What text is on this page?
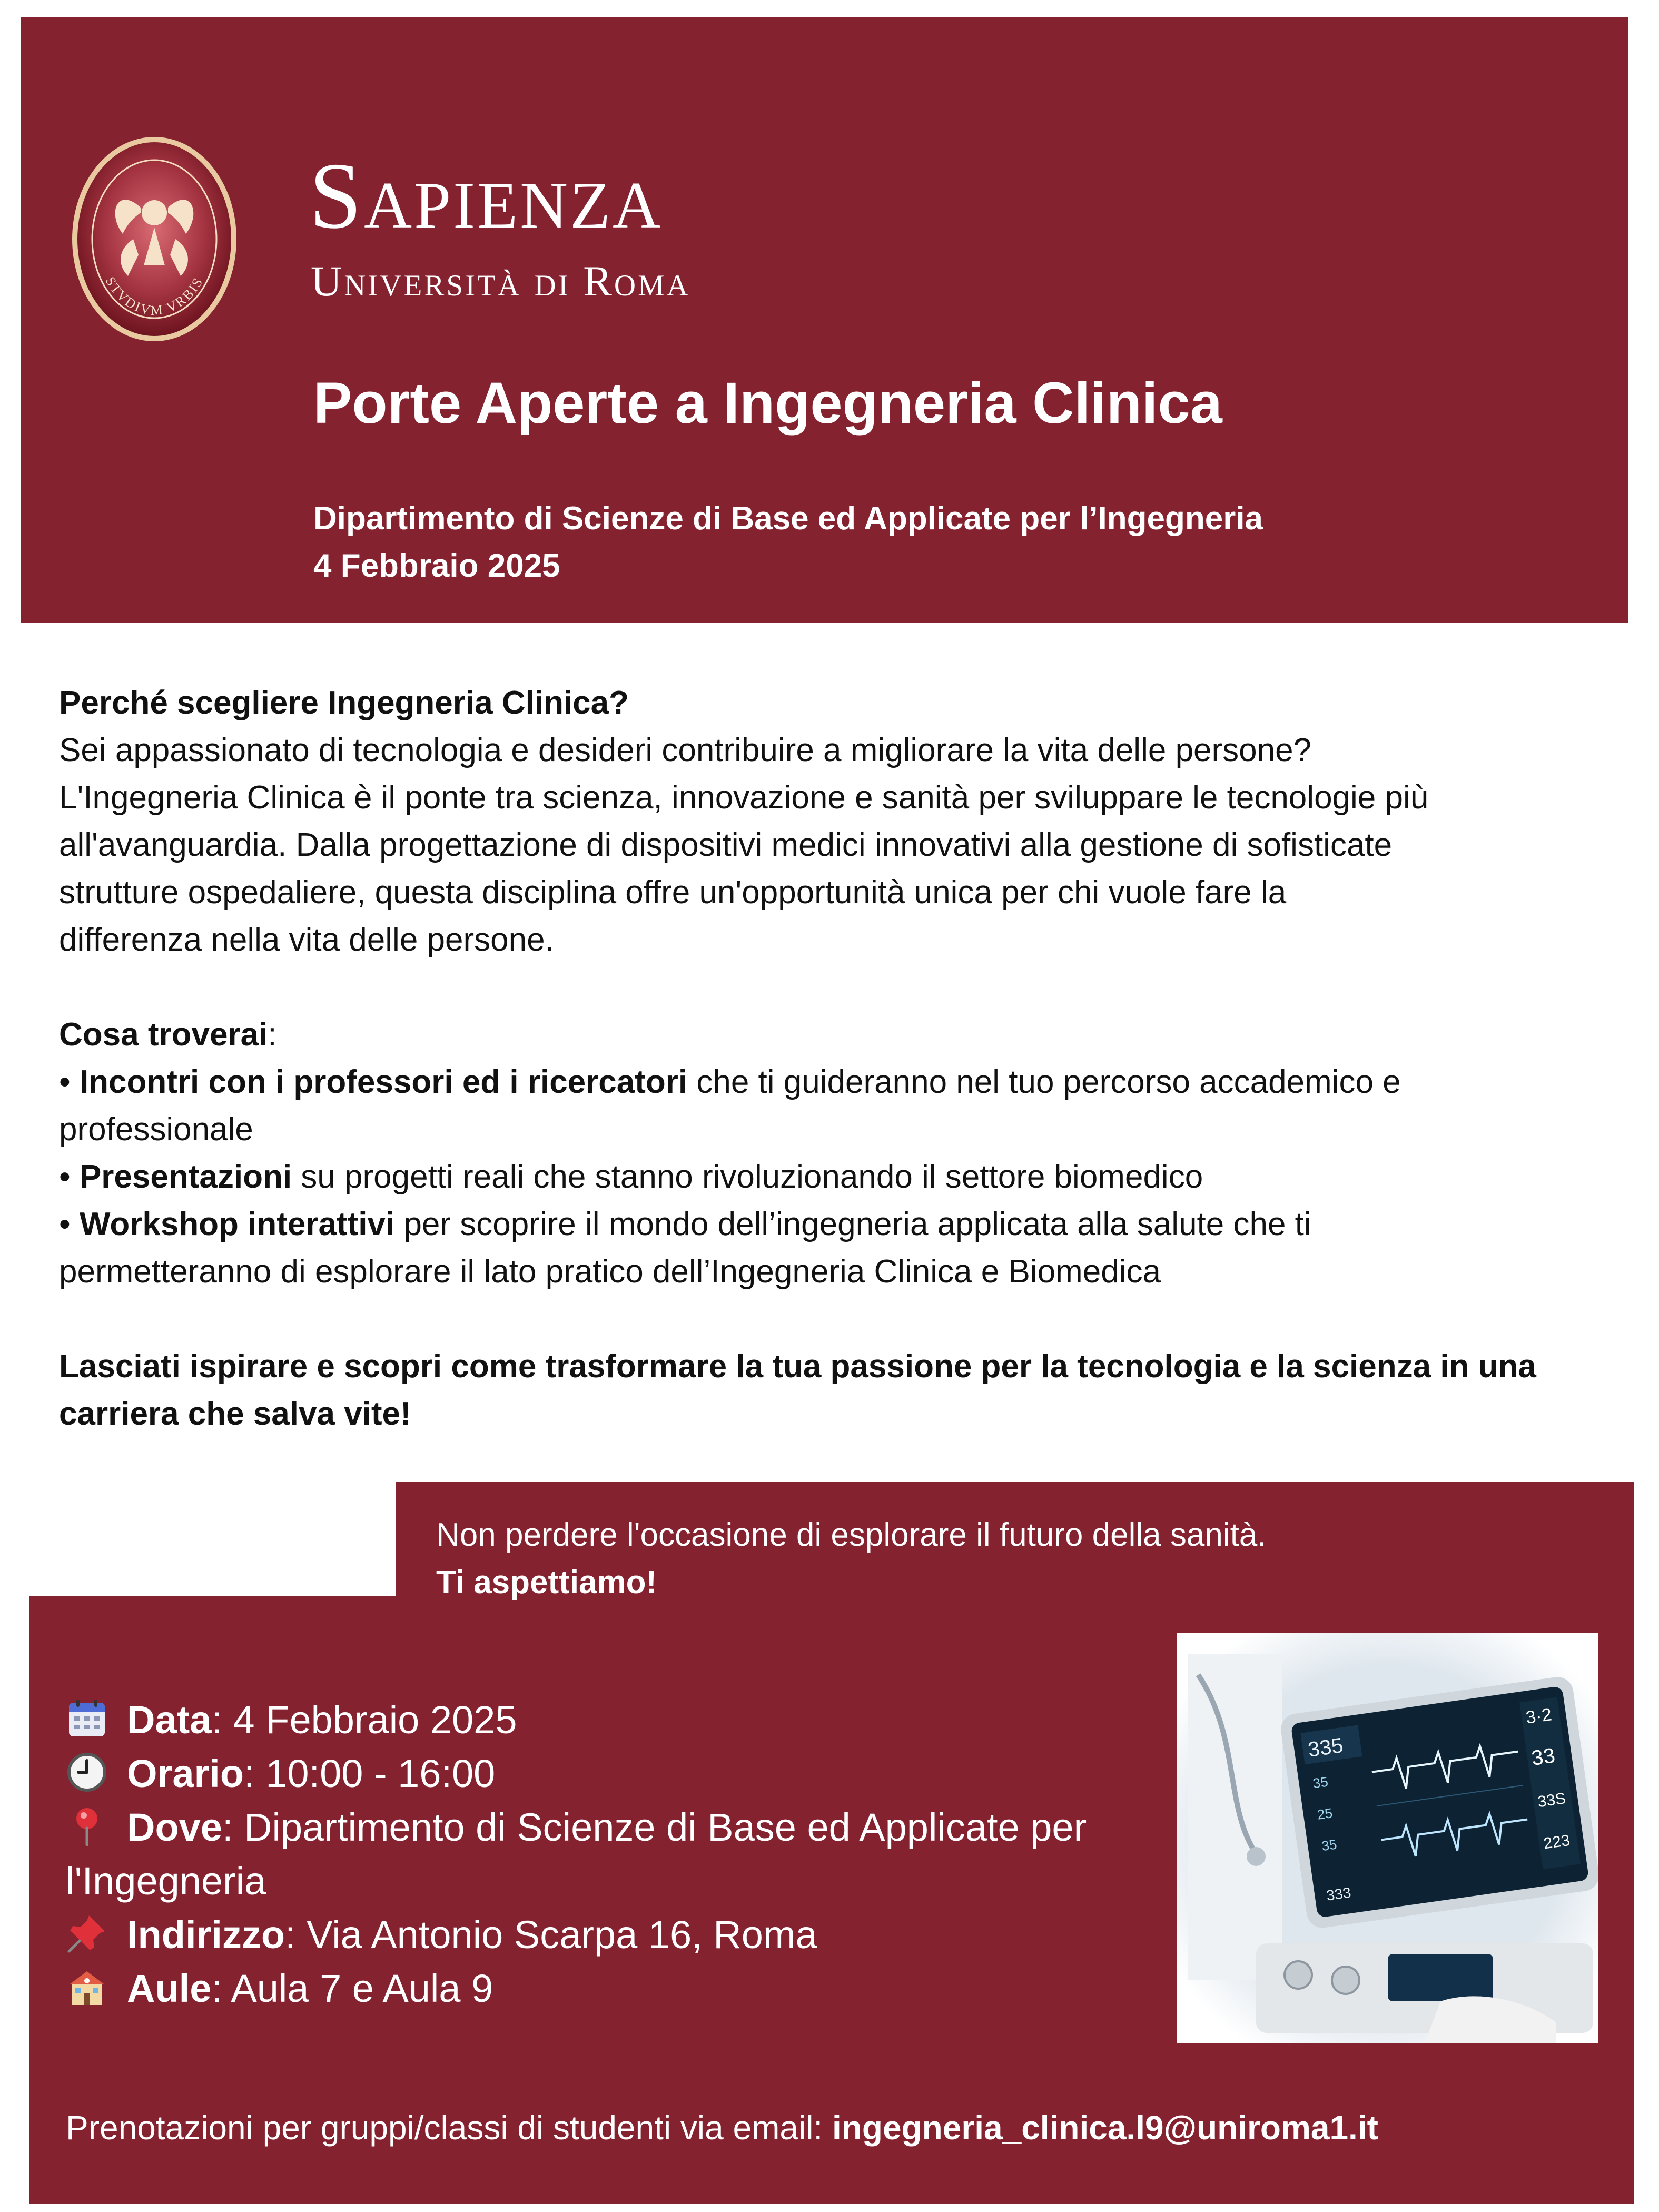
STVDIVM VRBIS
Sapienza
Università di Roma
Porte Aperte a Ingegneria Clinica
Dipartimento di Scienze di Base ed Applicate per l’Ingegneria
4 Febbraio 2025

Perché scegliere Ingegneria Clinica?

Sei appassionato di tecnologia e desideri contribuire a migliorare la vita delle persone?

L'Ingegneria Clinica è il ponte tra scienza, innovazione e sanità per sviluppare le tecnologie più

all'avanguardia. Dalla progettazione di dispositivi medici innovativi alla gestione di sofisticate

strutture ospedaliere, questa disciplina offre un'opportunità unica per chi vuole fare la

differenza nella vita delle persone.

Cosa troverai:

• Incontri con i professori ed i ricercatori che ti guideranno nel tuo percorso accademico e

professionale

• Presentazioni su progetti reali che stanno rivoluzionando il settore biomedico

• Workshop interattivi per scoprire il mondo dell’ingegneria applicata alla salute che ti

permetteranno di esplorare il lato pratico dell’Ingegneria Clinica e Biomedica

Lasciati ispirare e scopri come trasformare la tua passione per la tecnologia e la scienza in una

carriera che salva vite!

Non perdere l'occasione di esplorare il futuro della sanità.
Ti aspettiamo!
Data: 4 Febbraio 2025
Orario: 10:00 - 16:00
Dove: Dipartimento di Scienze di Base ed Applicate per
l'Ingegneria
Indirizzo: Via Antonio Scarpa 16, Roma
Aule: Aula 7 e Aula 9
335
35
25
35
3·2
33
33S
223
333
Prenotazioni per gruppi/classi di studenti via email: ingegneria_clinica.l9@uniroma1.it
